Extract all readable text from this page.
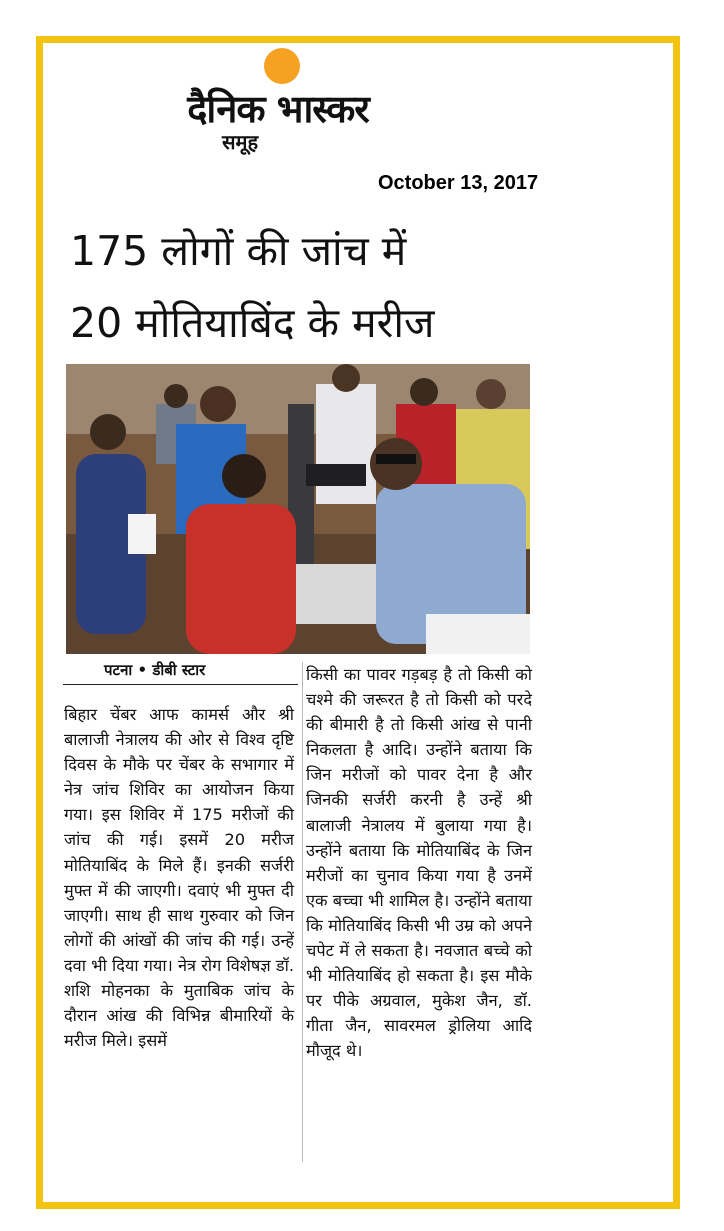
दैनिक भास्कर
समूह
October 13, 2017
175 लोगों की जांच में
20 मोतियाबिंद के मरीज
पटना • डीबी स्टार

बिहार चेंबर आफ कामर्स और श्री बालाजी नेत्रालय की ओर से विश्व दृष्टि दिवस के मौके पर चेंबर के सभागार में नेत्र जांच शिविर का आयोजन किया गया। इस शिविर में 175 मरीजों की जांच की गई। इसमें 20 मरीज मोतियाबिंद के मिले हैं। इनकी सर्जरी मुफ्त में की जाएगी। दवाएं भी मुफ्त दी जाएगी। साथ ही साथ गुरुवार को जिन लोगों की आंखों की जांच की गई। उन्हें दवा भी दिया गया। नेत्र रोग विशेषज्ञ डॉ. शशि मोहनका के मुताबिक जांच के दौरान आंख की विभिन्न बीमारियों के मरीज मिले। इसमें

किसी का पावर गड़बड़ है तो किसी को चश्मे की जरूरत है तो किसी को परदे की बीमारी है तो किसी आंख से पानी निकलता है आदि। उन्होंने बताया कि जिन मरीजों को पावर देना है और जिनकी सर्जरी करनी है उन्हें श्री बालाजी नेत्रालय में बुलाया गया है। उन्होंने बताया कि मोतियाबिंद के जिन मरीजों का चुनाव किया गया है उनमें एक बच्चा भी शामिल है। उन्होंने बताया कि मोतियाबिंद किसी भी उम्र को अपने चपेट में ले सकता है। नवजात बच्चे को भी मोतियाबिंद हो सकता है। इस मौके पर पीके अग्रवाल, मुकेश जैन, डॉ. गीता जैन, सावरमल ड्रोलिया आदि मौजूद थे।
